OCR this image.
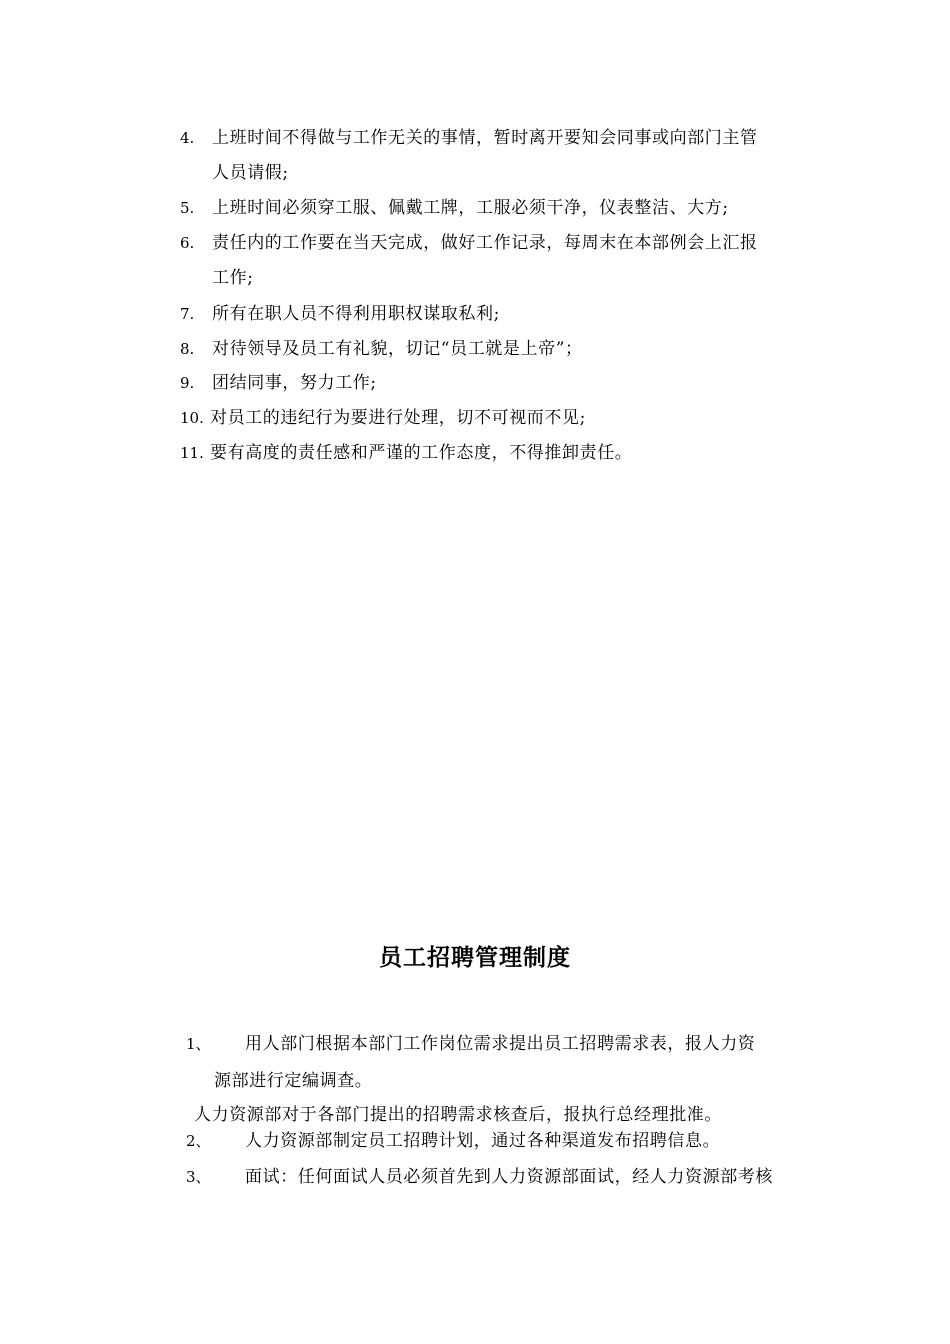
4. 上班时间不得做与工作无关的事情，暂时离开要知会同事或向部门主管
人员请假;
5. 上班时间必须穿工服、佩戴工牌，工服必须干净，仪表整洁、大方;
6. 责任内的工作要在当天完成，做好工作记录，每周末在本部例会上汇报
工作;
7. 所有在职人员不得利用职权谋取私利;
8. 对待领导及员工有礼貌，切记“员工就是上帝”；
9. 团结同事，努力工作;
10. 对员工的违纪行为要进行处理，切不可视而不见;
11. 要有高度的责任感和严谨的工作态度，不得推卸责任。
员工招聘管理制度
1、 用人部门根据本部门工作岗位需求提出员工招聘需求表，报人力资
源部进行定编调查。
人力资源部对于各部门提出的招聘需求核查后，报执行总经理批准。
2、 人力资源部制定员工招聘计划，通过各种渠道发布招聘信息。
3、 面试：任何面试人员必须首先到人力资源部面试，经人力资源部考核
